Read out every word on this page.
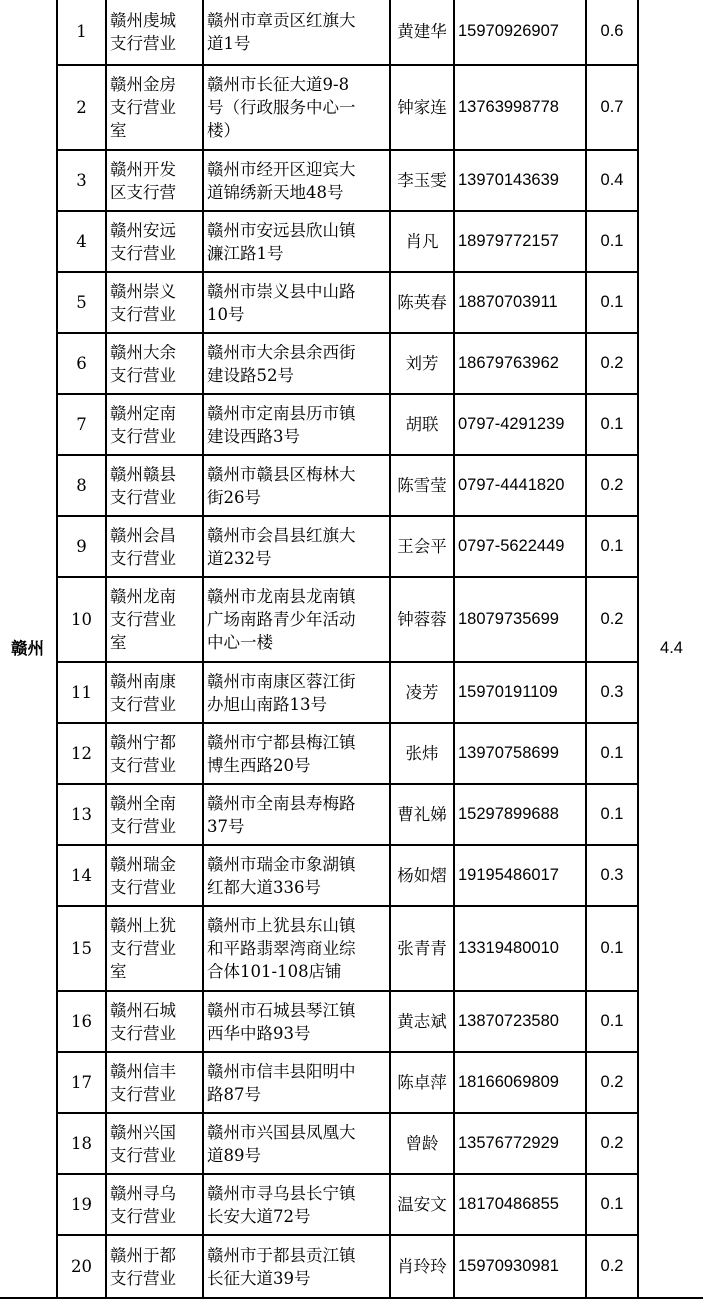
赣州	1	赣州虔城
支行营业	赣州市章贡区红旗大
道1号	黄建华	15970926907	0.6	4.4
	2	赣州金房
支行营业
室	赣州市长征大道9-8
号（行政服务中心一
楼）	钟家连	13763998778	0.7	
	3	赣州开发
区支行营	赣州市经开区迎宾大
道锦绣新天地48号	李玉雯	13970143639	0.4	
	4	赣州安远
支行营业	赣州市安远县欣山镇
濂江路1号	肖凡	18979772157	0.1	
	5	赣州崇义
支行营业	赣州市崇义县中山路
10号	陈英春	18870703911	0.1	
	6	赣州大余
支行营业	赣州市大余县余西街
建设路52号	刘芳	18679763962	0.2	
	7	赣州定南
支行营业	赣州市定南县历市镇
建设西路3号	胡联	0797-4291239	0.1	
	8	赣州赣县
支行营业	赣州市赣县区梅林大
街26号	陈雪莹	0797-4441820	0.2	
	9	赣州会昌
支行营业	赣州市会昌县红旗大
道232号	王会平	0797-5622449	0.1	
	10	赣州龙南
支行营业
室	赣州市龙南县龙南镇
广场南路青少年活动
中心一楼	钟蓉蓉	18079735699	0.2	
	11	赣州南康
支行营业	赣州市南康区蓉江街
办旭山南路13号	凌芳	15970191109	0.3	
	12	赣州宁都
支行营业	赣州市宁都县梅江镇
博生西路20号	张炜	13970758699	0.1	
	13	赣州全南
支行营业	赣州市全南县寿梅路
37号	曹礼娣	15297899688	0.1	
	14	赣州瑞金
支行营业	赣州市瑞金市象湖镇
红都大道336号	杨如熠	19195486017	0.3	
	15	赣州上犹
支行营业
室	赣州市上犹县东山镇
和平路翡翠湾商业综
合体101-108店铺	张青青	13319480010	0.1	
	16	赣州石城
支行营业	赣州市石城县琴江镇
西华中路93号	黄志斌	13870723580	0.1	
	17	赣州信丰
支行营业	赣州市信丰县阳明中
路87号	陈卓萍	18166069809	0.2	
	18	赣州兴国
支行营业	赣州市兴国县凤凰大
道89号	曾龄	13576772929	0.2	
	19	赣州寻乌
支行营业	赣州市寻乌县长宁镇
长安大道72号	温安文	18170486855	0.1	
	20	赣州于都
支行营业	赣州市于都县贡江镇
长征大道39号	肖玲玲	15970930981	0.2	
